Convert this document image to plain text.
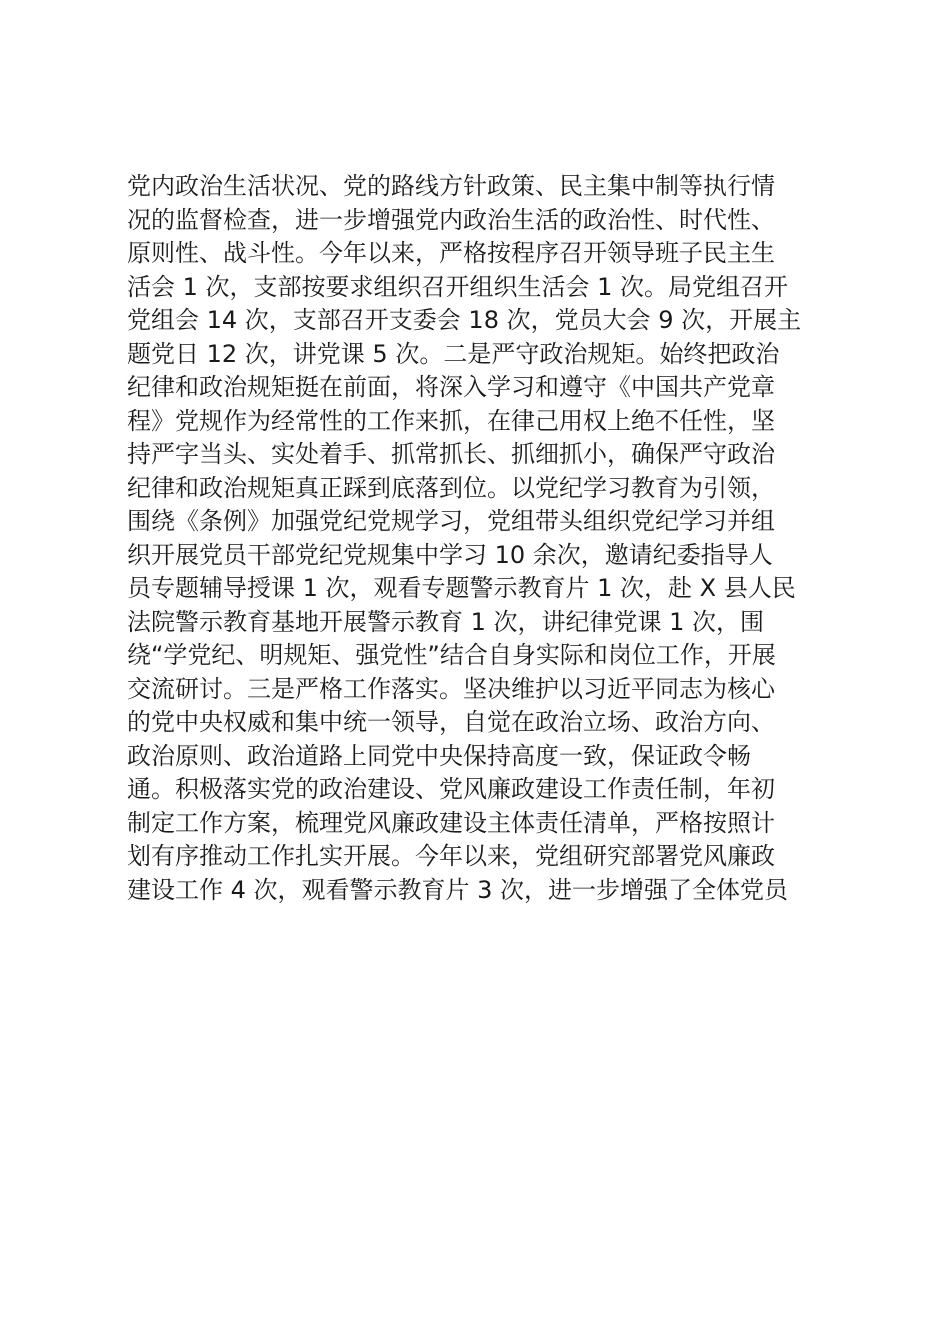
党内政治生活状况、党的路线方针政策、民主集中制等执行情
况的监督检查，进一步增强党内政治生活的政治性、时代性、
原则性、战斗性。今年以来，严格按程序召开领导班子民主生
活会 1 次，支部按要求组织召开组织生活会 1 次。局党组召开
党组会 14 次，支部召开支委会 18 次，党员大会 9 次，开展主
题党日 12 次，讲党课 5 次。二是严守政治规矩。始终把政治
纪律和政治规矩挺在前面，将深入学习和遵守《中国共产党章
程》党规作为经常性的工作来抓，在律己用权上绝不任性，坚
持严字当头、实处着手、抓常抓长、抓细抓小，确保严守政治
纪律和政治规矩真正踩到底落到位。以党纪学习教育为引领，
围绕《条例》加强党纪党规学习，党组带头组织党纪学习并组
织开展党员干部党纪党规集中学习 10 余次，邀请纪委指导人
员专题辅导授课 1 次，观看专题警示教育片 1 次，赴 X 县人民
法院警示教育基地开展警示教育 1 次，讲纪律党课 1 次，围
绕“学党纪、明规矩、强党性”结合自身实际和岗位工作，开展
交流研讨。三是严格工作落实。坚决维护以习近平同志为核心
的党中央权威和集中统一领导，自觉在政治立场、政治方向、
政治原则、政治道路上同党中央保持高度一致，保证政令畅
通。积极落实党的政治建设、党风廉政建设工作责任制，年初
制定工作方案，梳理党风廉政建设主体责任清单，严格按照计
划有序推动工作扎实开展。今年以来，党组研究部署党风廉政
建设工作 4 次，观看警示教育片 3 次，进一步增强了全体党员
